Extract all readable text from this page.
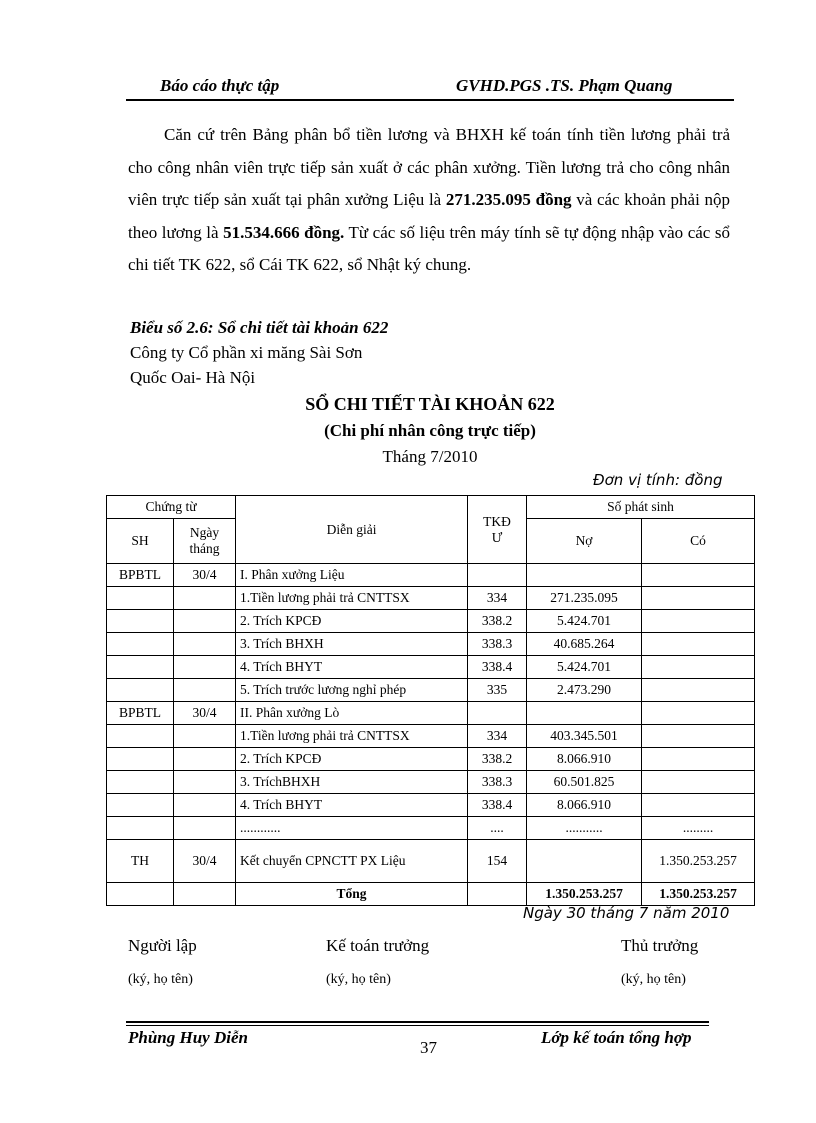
Báo cáo thực tập	GVHD.PGS .TS. Phạm Quang

Căn cứ trên Bảng phân bổ tiền lương và BHXH kế toán tính tiền lương phải trả cho công nhân viên trực tiếp sản xuất ở các phân xưởng. Tiền lương trả cho công nhân viên trực tiếp sản xuất tại phân xưởng Liệu là 271.235.095 đồng và các khoản phải nộp theo lương là 51.534.666 đồng. Từ các số liệu trên máy tính sẽ tự động nhập vào các sổ chi tiết TK 622, sổ Cái TK 622, sổ Nhật ký chung.

Biểu số 2.6: Sổ chi tiết tài khoản 622
Công ty Cổ phần xi măng Sài Sơn
Quốc Oai- Hà Nội
SỔ CHI TIẾT TÀI KHOẢN 622
(Chi phí nhân công trực tiếp)
Tháng 7/2010
Đơn vị tính: đồng
Chứng từ		Diễn giải	TKĐ Ư	Số phát sinh	
SH	Ngày tháng			Nợ	Có
BPBTL	30/4	I. Phân xưởng Liệu			
		1.Tiền lương phải trả CNTTSX	334	271.235.095	
		2. Trích KPCĐ	338.2	5.424.701	
		3. Trích BHXH	338.3	40.685.264	
		4. Trích BHYT	338.4	5.424.701	
		5. Trích trước lương nghỉ phép	335	2.473.290	
BPBTL	30/4	II. Phân xưởng Lò			
		1.Tiền lương phải trả CNTTSX	334	403.345.501	
		2. Trích KPCĐ	338.2	8.066.910	
		3. TríchBHXH	338.3	60.501.825	
		4. Trích BHYT	338.4	8.066.910	
		............	....	...........	.........
TH	30/4	Kết chuyển CPNCTT PX Liệu	154		1.350.253.257
		Tổng		1.350.253.257	1.350.253.257
Ngày 30 tháng 7 năm 2010
Người lập
(ký, họ tên)
Kế toán trưởng
(ký, họ tên)
Thủ trưởng
(ký, họ tên)
Phùng Huy Diễn
37
Lớp kế toán tổng hợp
